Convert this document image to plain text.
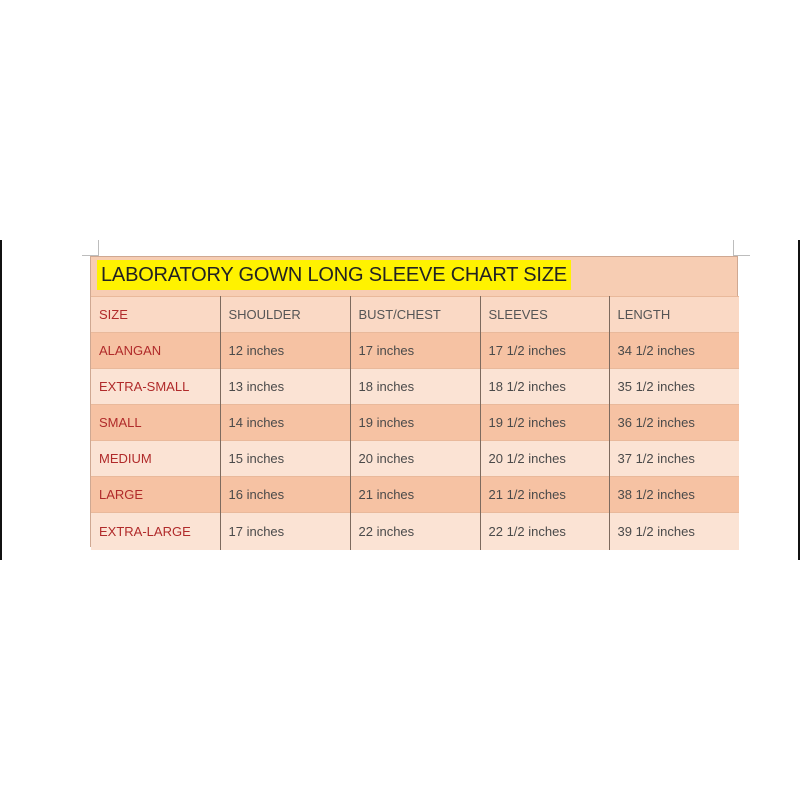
LABORATORY GOWN LONG SLEEVE CHART SIZE
SIZE	SHOULDER	BUST/CHEST	SLEEVES	LENGTH
ALANGAN	12 inches	17 inches	17 1/2 inches	34 1/2 inches
EXTRA-SMALL	13 inches	18 inches	18 1/2 inches	35 1/2 inches
SMALL	14 inches	19 inches	19 1/2 inches	36 1/2 inches
MEDIUM	15 inches	20 inches	20 1/2 inches	37 1/2 inches
LARGE	16 inches	21 inches	21 1/2 inches	38 1/2 inches
EXTRA-LARGE	17 inches	22 inches	22 1/2 inches	39 1/2 inches
